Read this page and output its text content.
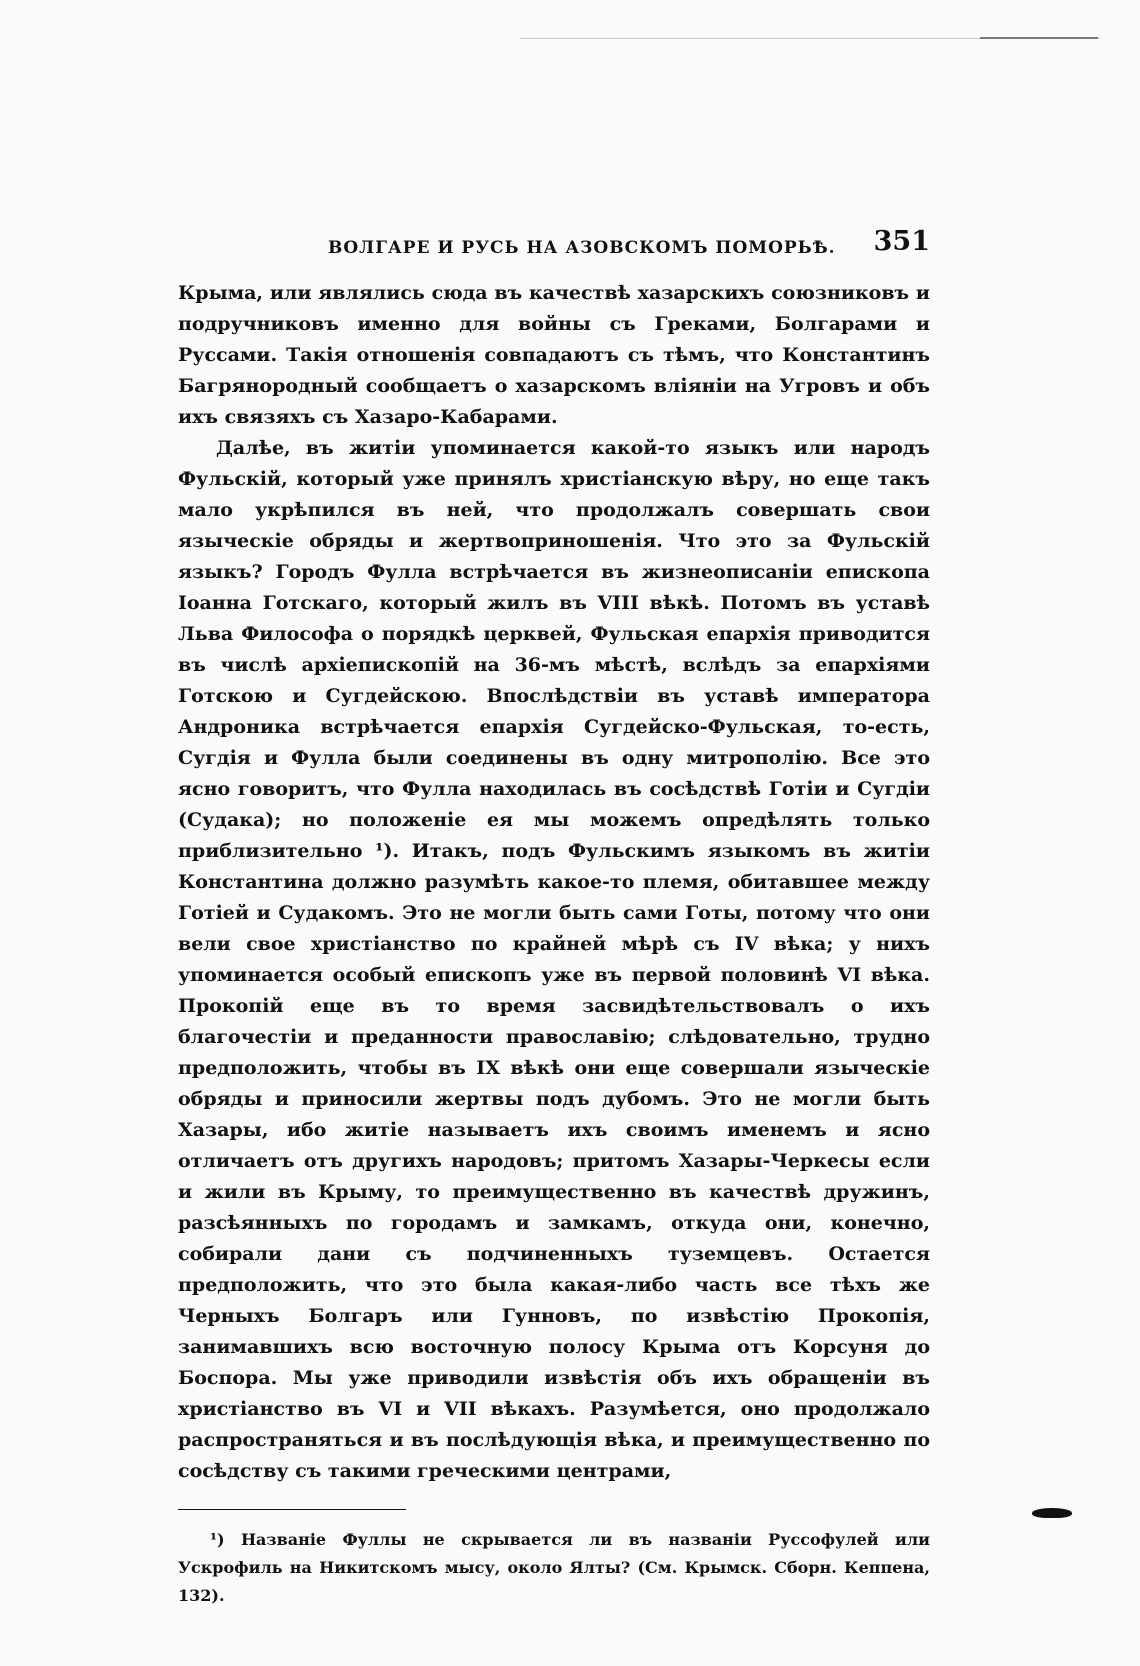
ВОЛГАРЕ И РУСЬ НА АЗОВСКОМЪ ПОМОРЬѢ. 351

Крыма, или являлись сюда въ качествѣ хазарскихъ союзниковъ и подручниковъ именно для войны съ Греками, Болгарами и Руссами. Такія отношенія совпадаютъ съ тѣмъ, что Константинъ Багрянородный сообщаетъ о хазарскомъ вліяніи на Угровъ и объ ихъ связяхъ съ Хазаро-Кабарами.

Далѣе, въ житіи упоминается какой-то языкъ или народъ Фульскій, который уже принялъ христіанскую вѣру, но еще такъ мало укрѣпился въ ней, что продолжалъ совершать свои языческіе обряды и жертвоприношенія. Что это за Фульскій языкъ? Городъ Фулла встрѣчается въ жизнеописаніи епископа Іоанна Готскаго, который жилъ въ VIII вѣкѣ. Потомъ въ уставѣ Льва Философа о порядкѣ церквей, Фульская епархія приводится въ числѣ архіепископій на 36-мъ мѣстѣ, вслѣдъ за епархіями Готскою и Сугдейскою. Впослѣдствіи въ уставѣ императора Андроника встрѣчается епархія Сугдейско-Фульская, то-есть, Сугдія и Фулла были соединены въ одну митрополію. Все это ясно говоритъ, что Фулла находилась въ сосѣдствѣ Готіи и Сугдіи (Судака); но положеніе ея мы можемъ опредѣлять только приблизительно ¹). Итакъ, подъ Фульскимъ языкомъ въ житіи Константина должно разумѣть какое-то племя, обитавшее между Готіей и Судакомъ. Это не могли быть сами Готы, потому что они вели свое христіанство по крайней мѣрѣ съ IV вѣка; у нихъ упоминается особый епископъ уже въ первой половинѣ VI вѣка. Прокопій еще въ то время засвидѣтельствовалъ о ихъ благочестіи и преданности православію; слѣдовательно, трудно предположить, чтобы въ IX вѣкѣ они еще совершали языческіе обряды и приносили жертвы подъ дубомъ. Это не могли быть Хазары, ибо житіе называетъ ихъ своимъ именемъ и ясно отличаетъ отъ другихъ народовъ; притомъ Хазары-Черкесы если и жили въ Крыму, то преимущественно въ качествѣ дружинъ, разсѣянныхъ по городамъ и замкамъ, откуда они, конечно, собирали дани съ подчиненныхъ туземцевъ. Остается предположить, что это была какая-либо часть все тѣхъ же Черныхъ Болгаръ или Гунновъ, по извѣстію Прокопія, занимавшихъ всю восточную полосу Крыма отъ Корсуня до Боспора. Мы уже приводили извѣстія объ ихъ обращеніи въ христіанство въ VI и VII вѣкахъ. Разумѣется, оно продолжало распространяться и въ послѣдующія вѣка, и преимущественно по сосѣдству съ такими греческими центрами,

¹) Названіе Фуллы не скрывается ли въ названіи Руссофулей или Ускрофиль на Никитскомъ мысу, около Ялты? (См. Крымск. Сборн. Кеппена, 132).
